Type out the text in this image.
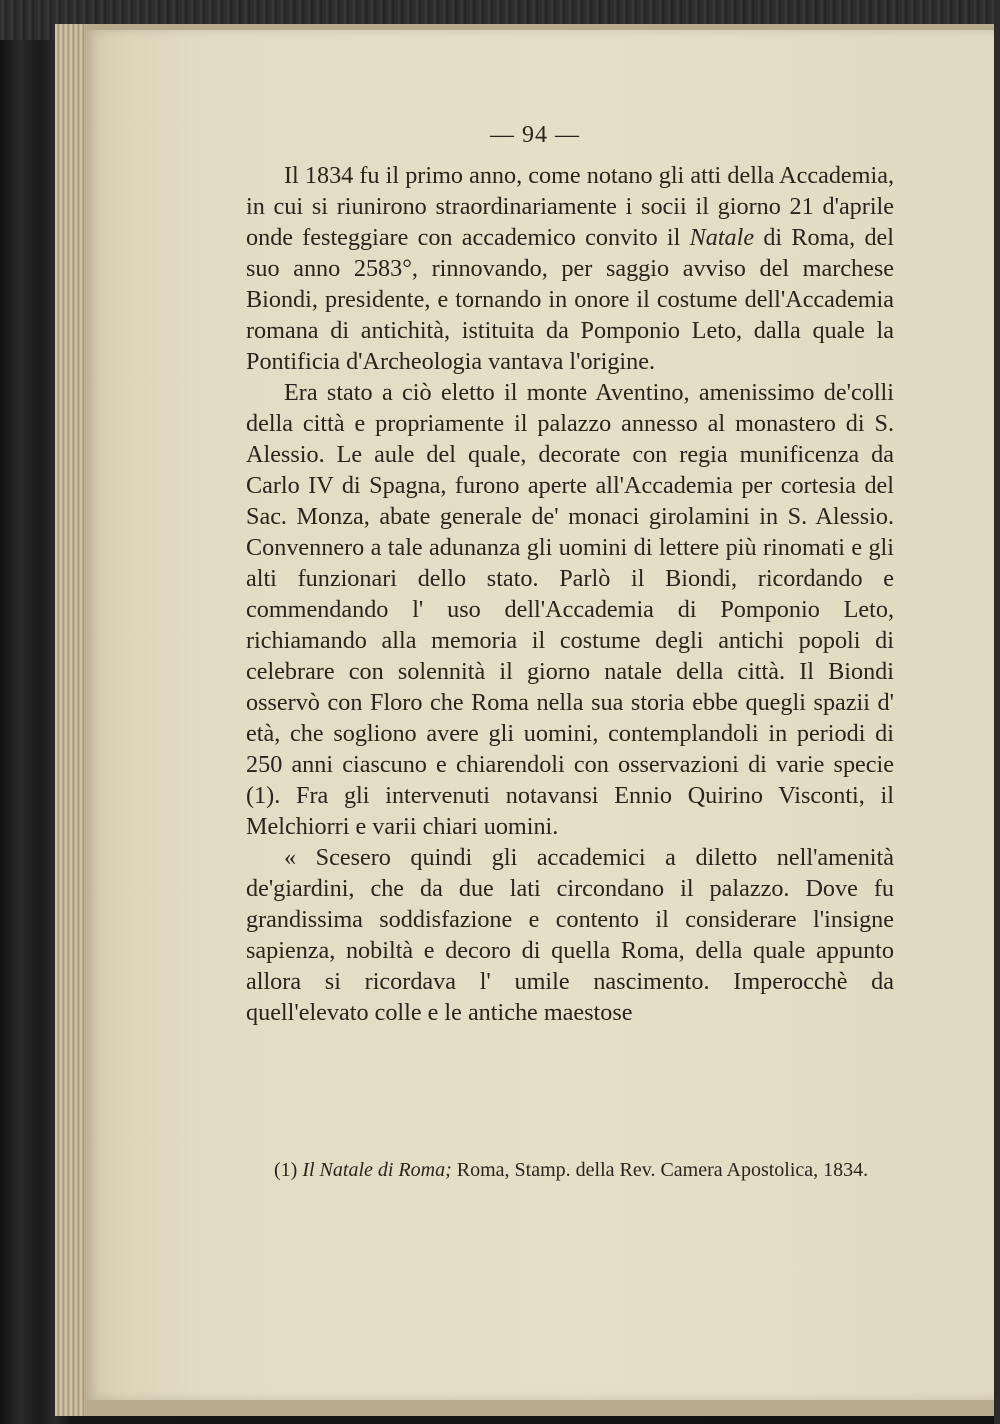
— 94 —

Il 1834 fu il primo anno, come notano gli atti della Accademia, in cui si riunirono straordinariamente i socii il giorno 21 d'aprile onde festeggiare con accademico convito il Natale di Roma, del suo anno 2583°, rinnovando, per saggio avviso del marchese Biondi, presidente, e tornando in onore il costume dell'Accademia romana di antichità, istituita da Pomponio Leto, dalla quale la Pontificia d'Archeologia vantava l'origine.

Era stato a ciò eletto il monte Aventino, amenissimo de'colli della città e propriamente il palazzo annesso al monastero di S. Alessio. Le aule del quale, decorate con regia munificenza da Carlo IV di Spagna, furono aperte all'Accademia per cortesia del Sac. Monza, abate generale de' monaci girolamini in S. Alessio. Convennero a tale adunanza gli uomini di lettere più rinomati e gli alti funzionari dello stato. Parlò il Biondi, ricordando e commendando l' uso dell'Accademia di Pomponio Leto, richiamando alla memoria il costume degli antichi popoli di celebrare con solennità il giorno natale della città. Il Biondi osservò con Floro che Roma nella sua storia ebbe quegli spazii d' età, che sogliono avere gli uomini, contemplandoli in periodi di 250 anni ciascuno e chiarendoli con osservazioni di varie specie (1). Fra gli intervenuti notavansi Ennio Quirino Visconti, il Melchiorri e varii chiari uomini.

« Scesero quindi gli accademici a diletto nell'amenità de'giardini, che da due lati circondano il palazzo. Dove fu grandissima soddisfazione e contento il considerare l'insigne sapienza, nobiltà e decoro di quella Roma, della quale appunto allora si ricordava l' umile nascimento. Imperocchè da quell'elevato colle e le antiche maestose

(1) Il Natale di Roma; Roma, Stamp. della Rev. Camera Apostolica, 1834.
